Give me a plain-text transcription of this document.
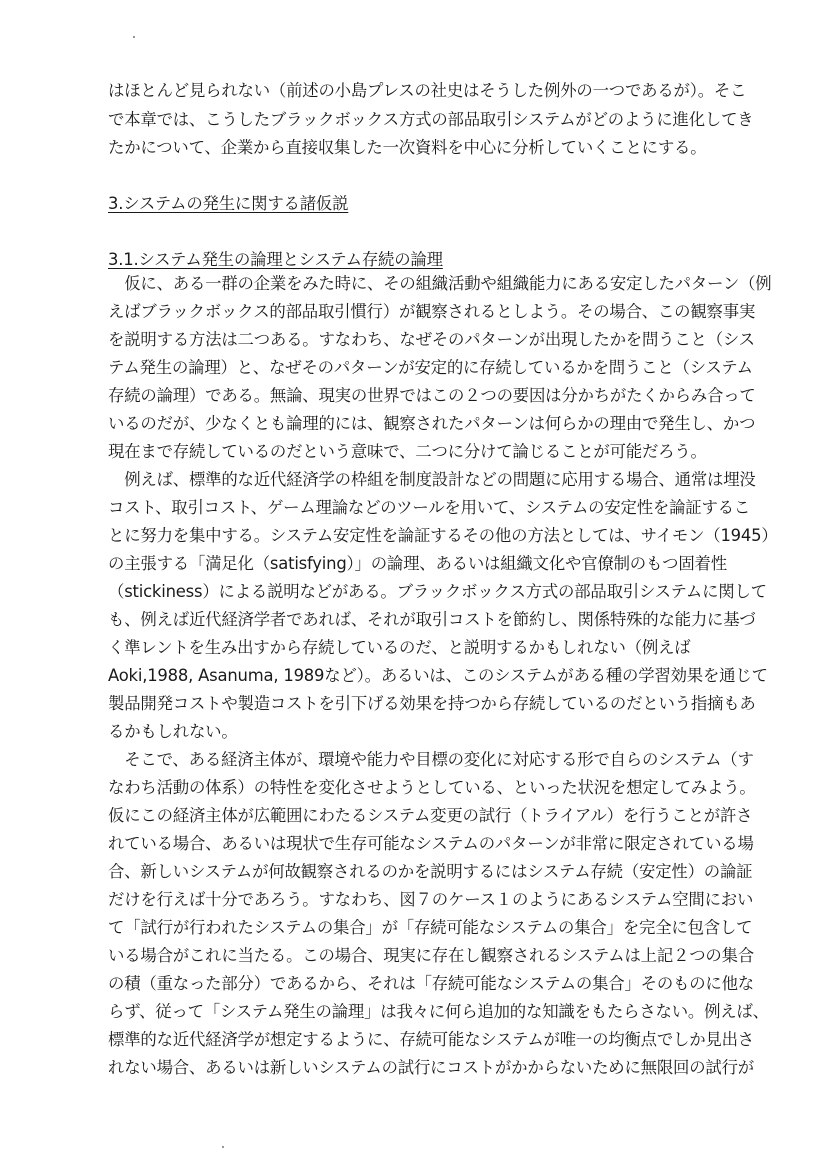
はほとんど見られない（前述の小島プレスの社史はそうした例外の一つであるが）。そこ
で本章では、こうしたブラックボックス方式の部品取引システムがどのように進化してき
たかについて、企業から直接収集した一次資料を中心に分析していくことにする。
3.システムの発生に関する諸仮説
3.1.システム発生の論理とシステム存続の論理
　仮に、ある一群の企業をみた時に、その組織活動や組織能力にある安定したパターン（例
えばブラックボックス的部品取引慣行）が観察されるとしよう。その場合、この観察事実
を説明する方法は二つある。すなわち、なぜそのパターンが出現したかを問うこと（シス
テム発生の論理）と、なぜそのパターンが安定的に存続しているかを問うこと（システム
存続の論理）である。無論、現実の世界ではこの２つの要因は分かちがたくからみ合って
いるのだが、少なくとも論理的には、観察されたパターンは何らかの理由で発生し、かつ
現在まで存続しているのだという意味で、二つに分けて論じることが可能だろう。
　例えば、標準的な近代経済学の枠組を制度設計などの問題に応用する場合、通常は埋没
コスト、取引コスト、ゲーム理論などのツールを用いて、システムの安定性を論証するこ
とに努力を集中する。システム安定性を論証するその他の方法としては、サイモン（1945）
の主張する「満足化（satisfying）」の論理、あるいは組織文化や官僚制のもつ固着性
（stickiness）による説明などがある。ブラックボックス方式の部品取引システムに関して
も、例えば近代経済学者であれば、それが取引コストを節約し、関係特殊的な能力に基づ
く準レントを生み出すから存続しているのだ、と説明するかもしれない（例えば
Aoki,1988, Asanuma, 1989など）。あるいは、このシステムがある種の学習効果を通じて
製品開発コストや製造コストを引下げる効果を持つから存続しているのだという指摘もあ
るかもしれない。
　そこで、ある経済主体が、環境や能力や目標の変化に対応する形で自らのシステム（す
なわち活動の体系）の特性を変化させようとしている、といった状況を想定してみよう。
仮にこの経済主体が広範囲にわたるシステム変更の試行（トライアル）を行うことが許さ
れている場合、あるいは現状で生存可能なシステムのパターンが非常に限定されている場
合、新しいシステムが何故観察されるのかを説明するにはシステム存続（安定性）の論証
だけを行えば十分であろう。すなわち、図７のケース１のようにあるシステム空間におい
て「試行が行われたシステムの集合」が「存続可能なシステムの集合」を完全に包含して
いる場合がこれに当たる。この場合、現実に存在し観察されるシステムは上記２つの集合
の積（重なった部分）であるから、それは「存続可能なシステムの集合」そのものに他な
らず、従って「システム発生の論理」は我々に何ら追加的な知識をもたらさない。例えば、
標準的な近代経済学が想定するように、存続可能なシステムが唯一の均衡点でしか見出さ
れない場合、あるいは新しいシステムの試行にコストがかからないために無限回の試行が
